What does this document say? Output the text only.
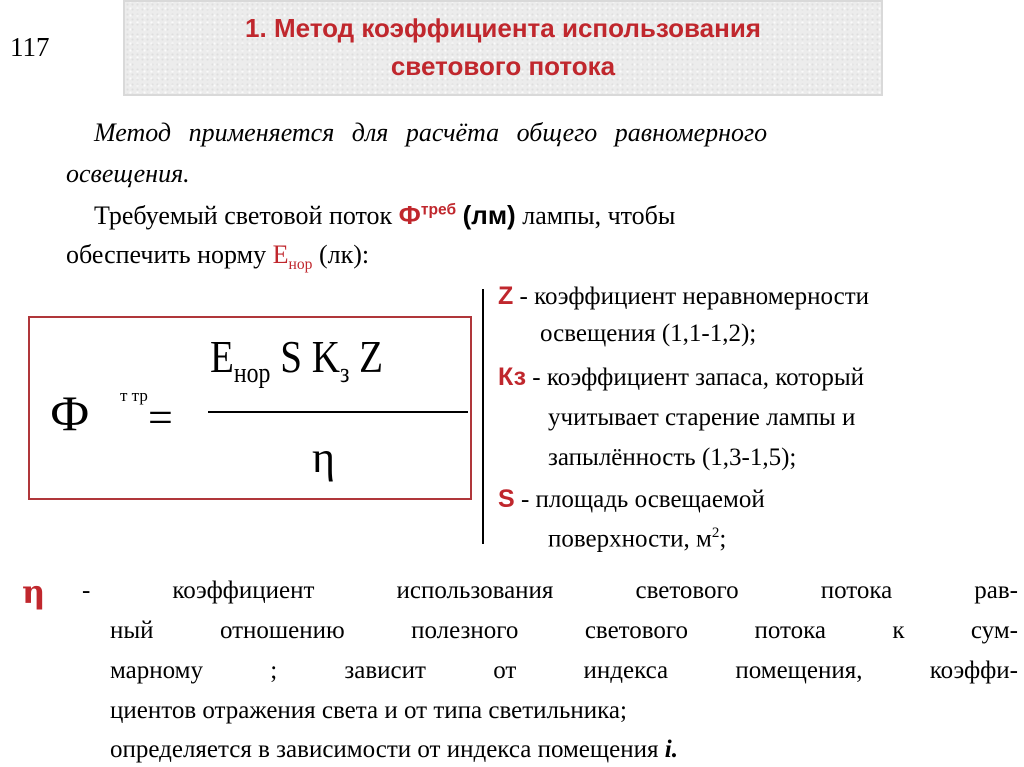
117
1. Метод коэффициента использования
светового потока
Метод применяется для расчёта общего равномерного
освещения.
Требуемый световой поток $Ф^{треб}$ (лм) лампы, чтобы
обеспечить норму $E_{нор}$ (лк):
Ф т тр =
$E_{нор}$ S $K_з$ Z
η
Z - коэффициент неравномерности
освещения (1,1-1,2);
Кз - коэффициент запаса, который
учитывает старение лампы и
запылённость (1,3-1,5);
S - площадь освещаемой
поверхности, $м^2$;
η - коэффициент использования светового потока рав-
ный отношению полезного светового потока к сум-
марному ; зависит от индекса помещения, коэффи-
циентов отражения света и от типа светильника;
определяется в зависимости от индекса помещения i.
